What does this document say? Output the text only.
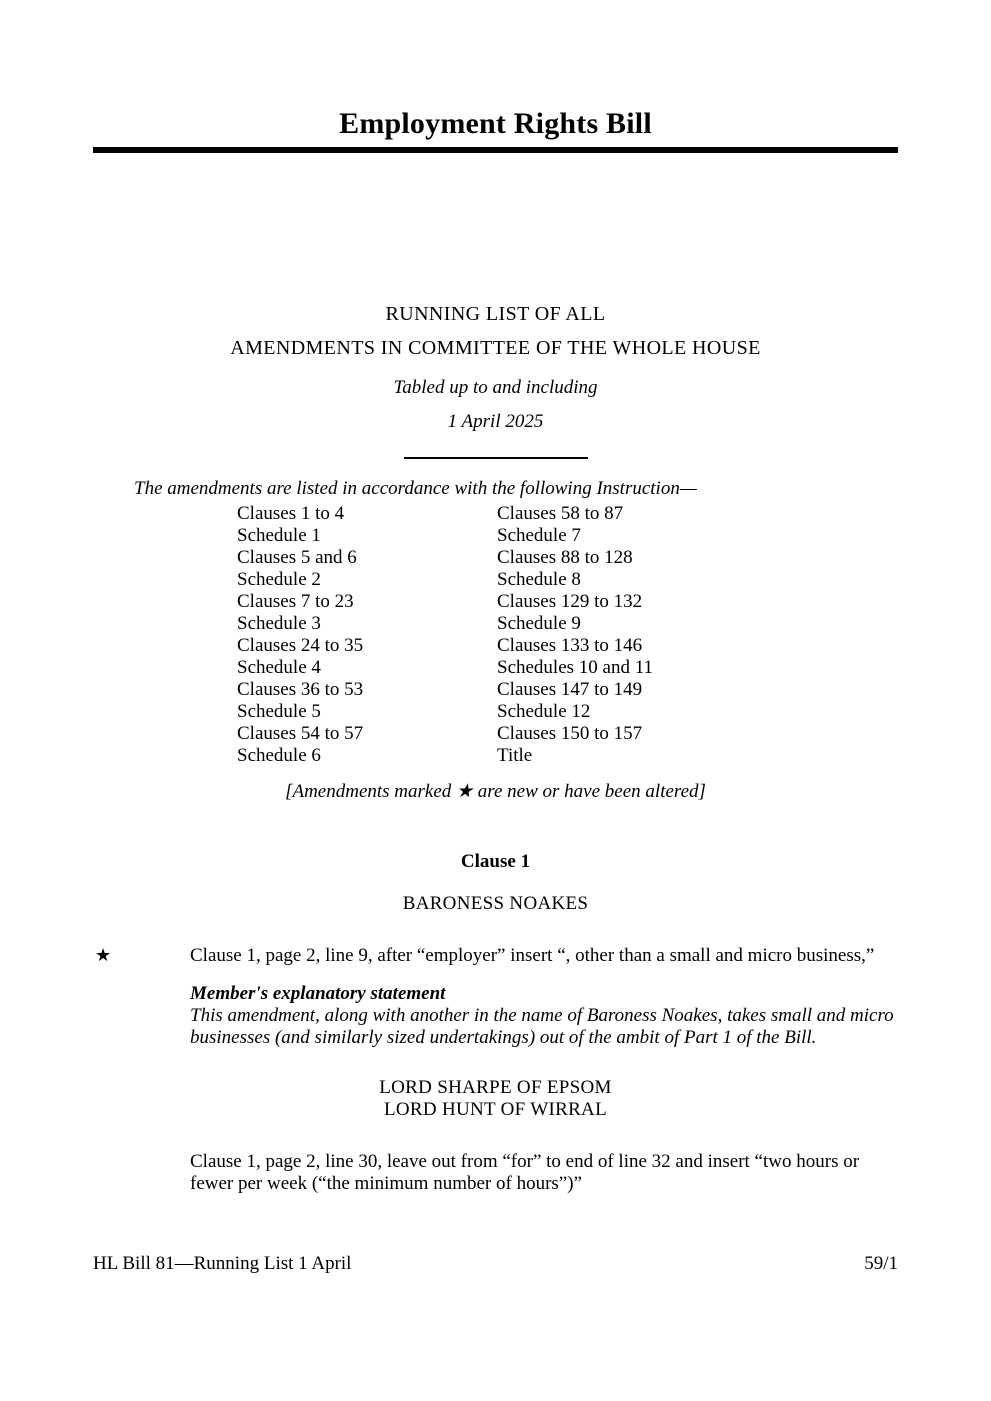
Employment Rights Bill
RUNNING LIST OF ALL
AMENDMENTS IN COMMITTEE OF THE WHOLE HOUSE
Tabled up to and including
1 April 2025
The amendments are listed in accordance with the following Instruction—
Clauses 1 to 4
Schedule 1
Clauses 5 and 6
Schedule 2
Clauses 7 to 23
Schedule 3
Clauses 24 to 35
Schedule 4
Clauses 36 to 53
Schedule 5
Clauses 54 to 57
Schedule 6
Clauses 58 to 87
Schedule 7
Clauses 88 to 128
Schedule 8
Clauses 129 to 132
Schedule 9
Clauses 133 to 146
Schedules 10 and 11
Clauses 147 to 149
Schedule 12
Clauses 150 to 157
Title
[Amendments marked ★ are new or have been altered]
Clause 1
BARONESS NOAKES
★	Clause 1, page 2, line 9, after “employer” insert “, other than a small and micro business,”
Member's explanatory statement
This amendment, along with another in the name of Baroness Noakes, takes small and micro businesses (and similarly sized undertakings) out of the ambit of Part 1 of the Bill.
LORD SHARPE OF EPSOM
LORD HUNT OF WIRRAL
Clause 1, page 2, line 30, leave out from “for” to end of line 32 and insert “two hours or fewer per week (“the minimum number of hours”)”
HL Bill 81—Running List 1 April	59/1
